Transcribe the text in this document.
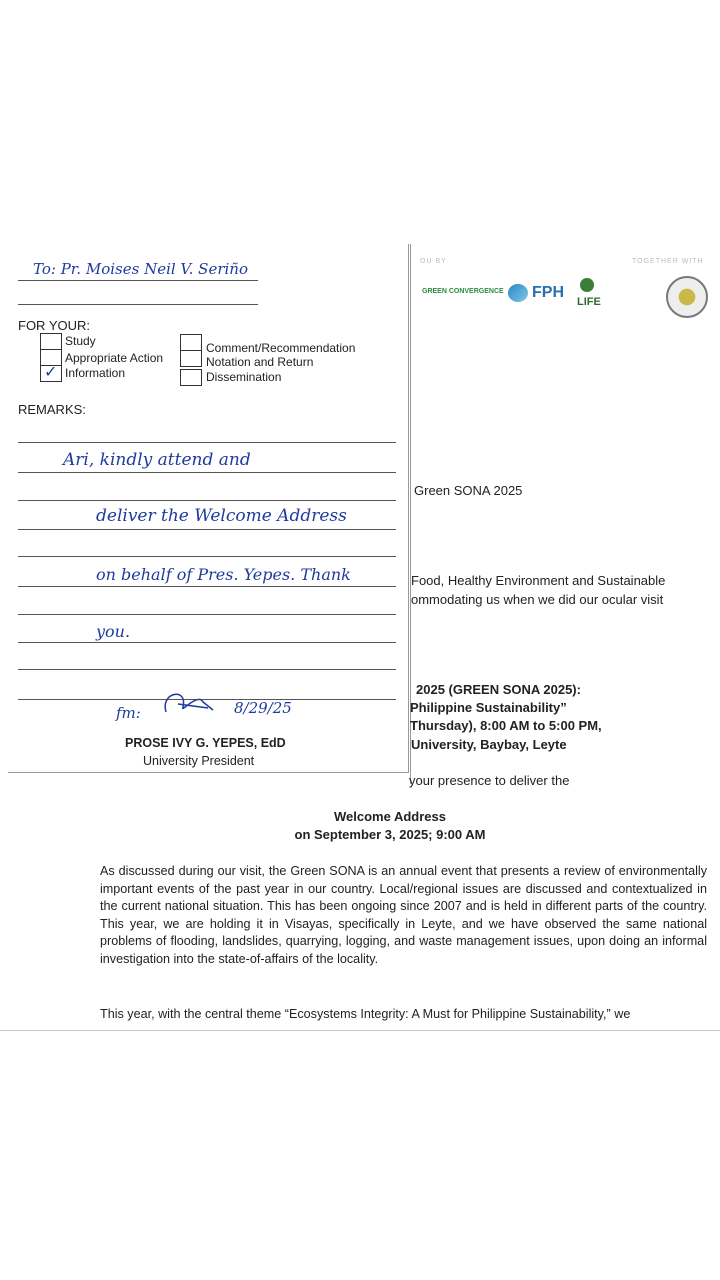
OU BY	TOGETHER WITH
GREEN CONVERGENCE FPH
LIFE
Green SONA 2025
Food, Healthy Environment and Sustainable
ommodating us when we did our ocular visit
2025 (GREEN SONA 2025):
Philippine Sustainability”
Thursday), 8:00 AM to 5:00 PM,
University, Baybay, Leyte
your presence to deliver the
Welcome Address
on September 3, 2025; 9:00 AM
As discussed during our visit, the Green SONA is an annual event that presents a review of environmentally important events of the past year in our country. Local/regional issues are discussed and contextualized in the current national situation. This has been ongoing since 2007 and is held in different parts of the country. This year, we are holding it in Visayas, specifically in Leyte, and we have observed the same national problems of flooding, landslides, quarrying, logging, and waste management issues, upon doing an informal investigation into the state-of-affairs of the locality.
This year, with the central theme “Ecosystems Integrity: A Must for Philippine Sustainability,” we
To: Pr. Moises Neil V. Seriño
FOR YOUR:
Study
Appropriate Action
✓ Information
Comment/Recommendation
Notation and Return
Dissemination
REMARKS:
Ari, kindly attend and
deliver the Welcome Address
on behalf of Pres. Yepes. Thank
you.
fm:	8/29/25
PROSE IVY G. YEPES, EdD
University President
